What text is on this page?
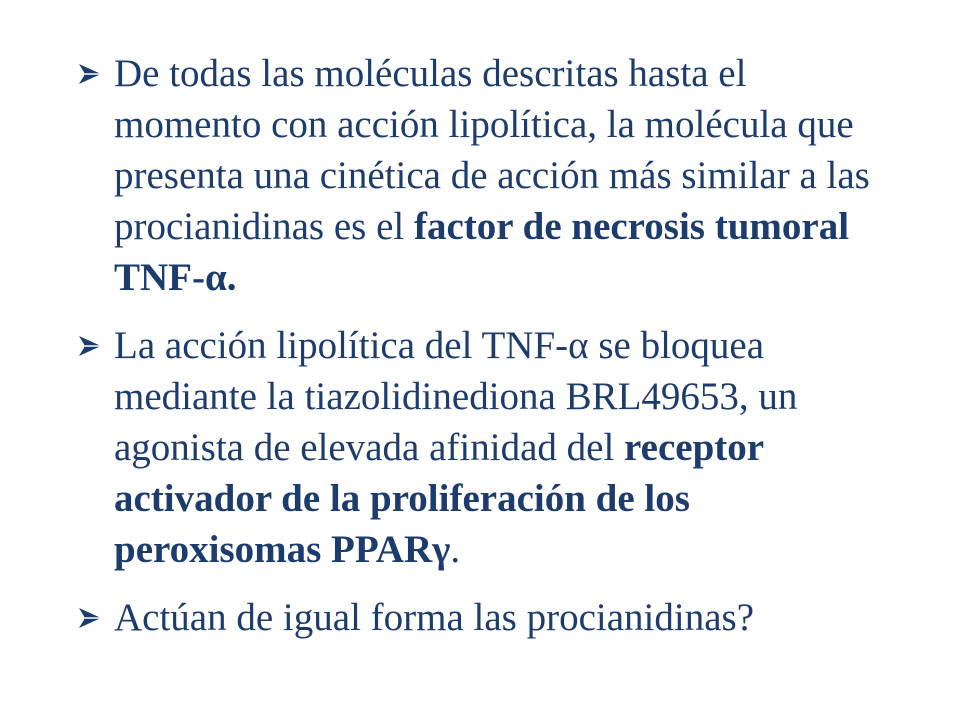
De todas las moléculas descritas hasta el momento con acción lipolítica, la molécula que presenta una cinética de acción más similar a las procianidinas es el factor de necrosis tumoral TNF-α.
La acción lipolítica del TNF-α se bloquea mediante la tiazolidinediona BRL49653, un agonista de elevada afinidad del receptor activador de la proliferación de los peroxisomas PPARγ.
Actúan de igual forma las procianidinas?
